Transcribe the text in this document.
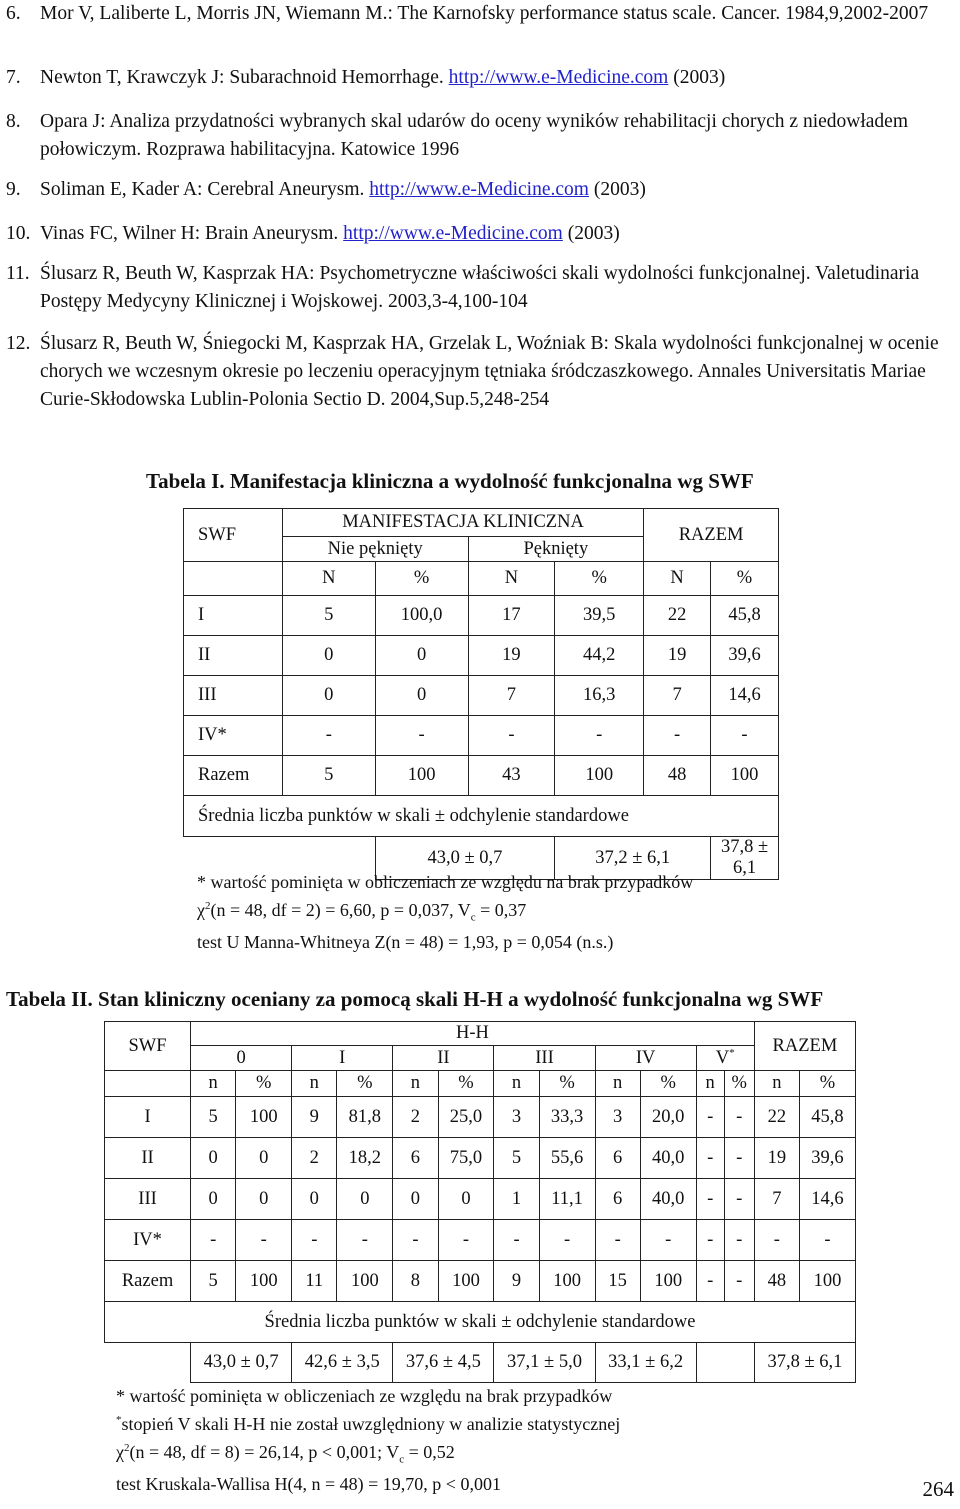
6. Mor V, Laliberte L, Morris JN, Wiemann M.: The Karnofsky performance status scale. Cancer. 1984,9,2002-2007
7. Newton T, Krawczyk J: Subarachnoid Hemorrhage. http://www.e-Medicine.com (2003)
8. Opara J: Analiza przydatności wybranych skal udarów do oceny wyników rehabilitacji chorych z niedowładem połowiczym. Rozprawa habilitacyjna. Katowice 1996
9. Soliman E, Kader A: Cerebral Aneurysm. http://www.e-Medicine.com (2003)
10. Vinas FC, Wilner H: Brain Aneurysm. http://www.e-Medicine.com (2003)
11. Ślusarz R, Beuth W, Kasprzak HA: Psychometryczne właściwości skali wydolności funkcjonalnej. Valetudinaria Postępy Medycyny Klinicznej i Wojskowej. 2003,3-4,100-104
12. Ślusarz R, Beuth W, Śniegocki M, Kasprzak HA, Grzelak L, Woźniak B: Skala wydolności funkcjonalnej w ocenie chorych we wczesnym okresie po leczeniu operacyjnym tętniaka śródczaszkowego. Annales Universitatis Mariae Curie-Skłodowska Lublin-Polonia Sectio D. 2004,Sup.5,248-254
Tabela I. Manifestacja kliniczna a wydolność funkcjonalna wg SWF
SWF	MANIFESTACJA KLINICZNA				RAZEM	
	Nie pęknięty		Pęknięty			
	N	%	N	%	N	%
I	5	100,0	17	39,5	22	45,8
II	0	0	19	44,2	19	39,6
III	0	0	7	16,3	7	14,6
IV*	-	-	-	-	-	-
Razem	5	100	43	100	48	100
Średnia liczba punktów w skali ± odchylenie standardowe						
		43,0 ± 0,7		37,2 ± 6,1		37,8 ± 6,1
* wartość pominięta w obliczeniach ze względu na brak przypadków
$\chi^2(n = 48$, df = 2) = 6,60, p = 0,037, $V_c = 0,37$
test U Manna-Whitneya Z(n = 48) = 1,93, p = 0,054 (n.s.)
Tabela II. Stan kliniczny oceniany za pomocą skali H-H a wydolność funkcjonalna wg SWF
SWF	H-H												RAZEM	
	0		I		II		III		IV		V*
	n	%	n	%	n	%	n	%	n	%	n	%	n	%
I	5	100	9	81,8	2	25,0	3	33,3	3	20,0	-	-	22	45,8
II	0	0	2	18,2	6	75,0	5	55,6	6	40,0	-	-	19	39,6
III	0	0	0	0	0	0	1	11,1	6	40,0	-	-	7	14,6
IV*	-	-	-	-	-	-	-	-	-	-	-	-	-	-
Razem	5	100	11	100	8	100	9	100	15	100	-	-	48	100
Średnia liczba punktów w skali ± odchylenie standardowe														
	43,0 ± 0,7		42,6 ± 3,5		37,6 ± 4,5		37,1 ± 5,0		33,1 ± 6,2				37,8 ± 6,1	
* wartość pominięta w obliczeniach ze względu na brak przypadków
*stopień V skali H-H nie został uwzględniony w analizie statystycznej
$\chi^2(n = 48$, df = 8) = 26,14, p < 0,001; $V_c = 0,52$
test Kruskala-Wallisa H(4, n = 48) = 19,70, p < 0,001	264
